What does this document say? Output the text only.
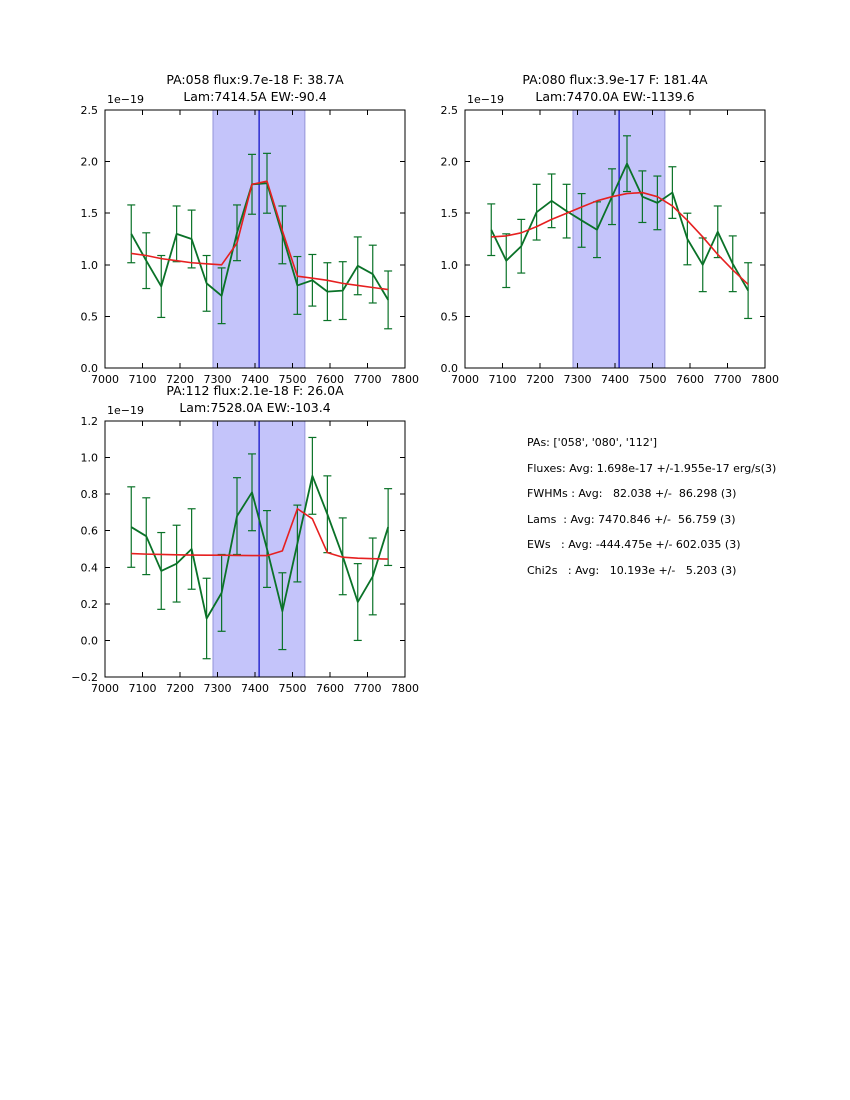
PA:058 flux:9.7e-18 F: 38.7A
Lam:7414.5A EW:-90.4
7000 7100 7200 7300 7400 7500 7600 7700 7800
0.0
0.5
1.0
1.5
2.0
2.5
1e−19
PA:080 flux:3.9e-17 F: 181.4A
Lam:7470.0A EW:-1139.6
7000 7100 7200 7300 7400 7500 7600 7700 7800
0.0
0.5
1.0
1.5
2.0
2.5
1e−19
PA:112 flux:2.1e-18 F: 26.0A
Lam:7528.0A EW:-103.4
7000 7100 7200 7300 7400 7500 7600 7700 7800
−0.2
0.0
0.2
0.4
0.6
0.8
1.0
1.2
1e−19
PAs: ['058', '080', '112']
Fluxes: Avg: 1.698e-17 +/-1.955e-17 erg/s(3)
FWHMs : Avg:   82.038 +/-  86.298 (3)
Lams  : Avg: 7470.846 +/-  56.759 (3)
EWs   : Avg: -444.475e +/- 602.035 (3)
Chi2s   : Avg:   10.193e +/-   5.203 (3)
